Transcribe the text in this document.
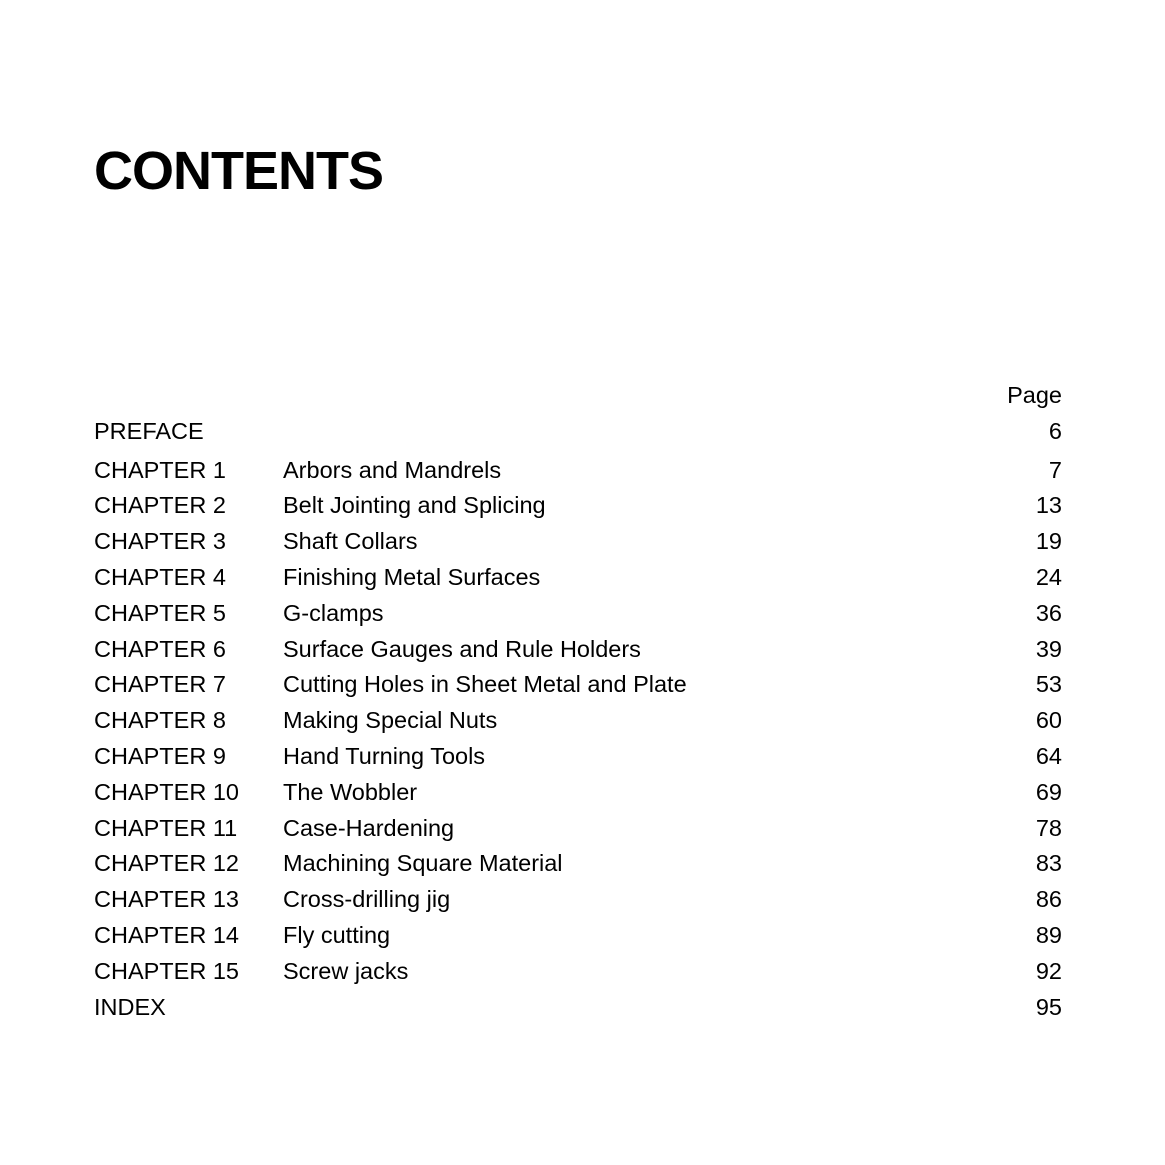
CONTENTS
Page
PREFACE	6
CHAPTER 1	Arbors and Mandrels	7
CHAPTER 2	Belt Jointing and Splicing	13
CHAPTER 3	Shaft Collars	19
CHAPTER 4	Finishing Metal Surfaces	24
CHAPTER 5	G-clamps	36
CHAPTER 6	Surface Gauges and Rule Holders	39
CHAPTER 7	Cutting Holes in Sheet Metal and Plate	53
CHAPTER 8	Making Special Nuts	60
CHAPTER 9	Hand Turning Tools	64
CHAPTER 10	The Wobbler	69
CHAPTER 11	Case-Hardening	78
CHAPTER 12	Machining Square Material	83
CHAPTER 13	Cross-drilling jig	86
CHAPTER 14	Fly cutting	89
CHAPTER 15	Screw jacks	92
INDEX	95
